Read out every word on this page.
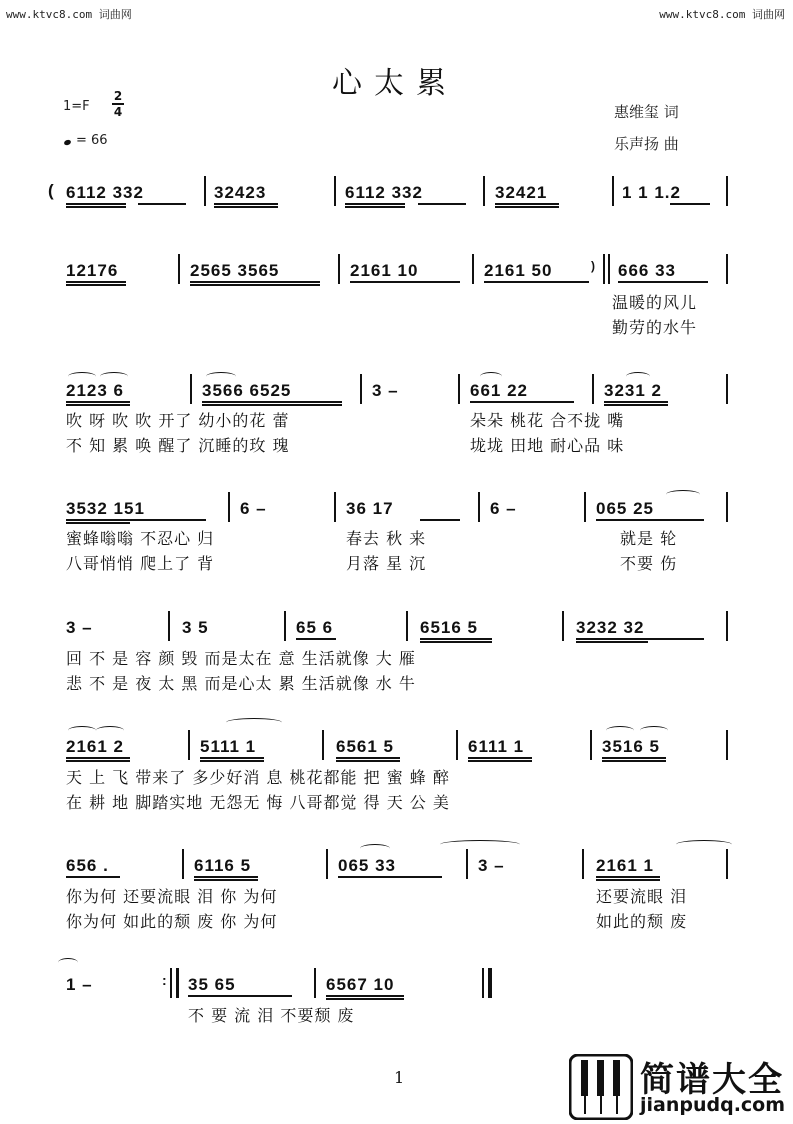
www.ktvc8.com 词曲网	www.ktvc8.com 词曲网
心太累
1=F
2
4
= 66
惠维玺 词
乐声扬 曲
( 6112 332	32423	6112 332	32421	1 1 1.2
12176	2565 3565	2161 10	2161 50	) 666 33
温暖的风儿
勤劳的水牛
2123 6	3566 6525	3 –	661 22	3231 2
吹 呀 吹 吹 开了 幼小的花 蕾
不 知 累 唤 醒了 沉睡的玫 瑰
朵朵 桃花 合不拢 嘴
垅垅 田地 耐心品 味
3532 151	6 –	36 17	6 –	065 25
蜜蜂嗡嗡 不忍心 归
八哥悄悄 爬上了 背
春去 秋 来
月落 星 沉
就是 轮
不要 伤
3 –	3 5	65 6	6516 5	3232 32
回 不 是 容 颜 毁 而是太在 意 生活就像 大 雁
悲 不 是 夜 太 黑 而是心太 累 生活就像 水 牛
2161 2	5111 1	6561 5	6111 1	3516 5
天 上 飞 带来了 多少好消 息 桃花都能 把 蜜 蜂 醉
在 耕 地 脚踏实地 无怨无 悔 八哥都觉 得 天 公 美
656 .	6116 5	065 33	3 –	2161 1
你为何 还要流眼 泪 你 为何
你为何 如此的颓 废 你 为何
还要流眼 泪
如此的颓 废
1 –	: 35 65	6567 10
不 要 流 泪 不要颓 废
1	简谱大全
jianpudq.com
